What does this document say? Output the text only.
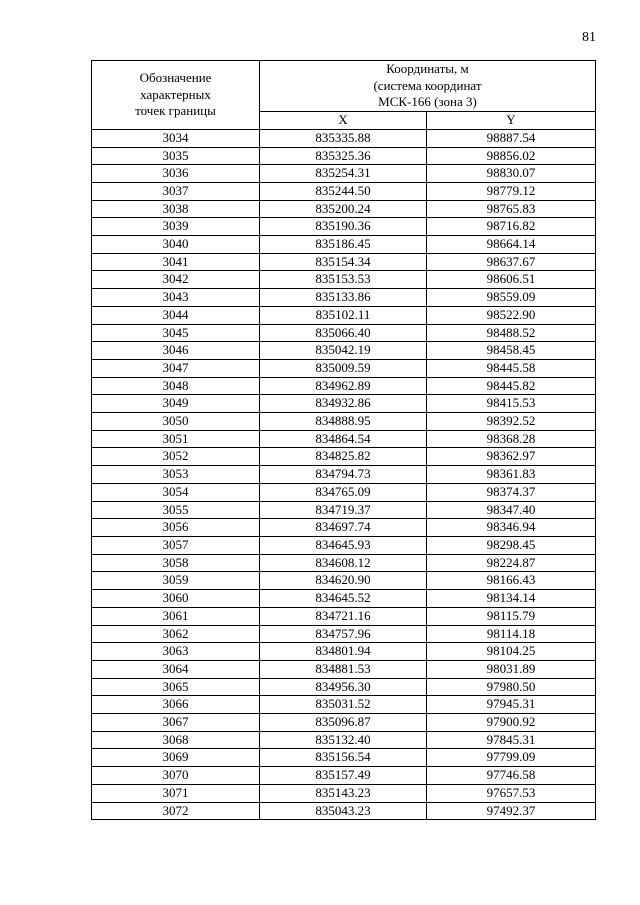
81
Обозначение
характерных
точек границы	Координаты, м
(система координат
МСК-166 (зона 3)	

	X	Y
3034	835335.88	98887.54
3035	835325.36	98856.02
3036	835254.31	98830.07
3037	835244.50	98779.12
3038	835200.24	98765.83
3039	835190.36	98716.82
3040	835186.45	98664.14
3041	835154.34	98637.67
3042	835153.53	98606.51
3043	835133.86	98559.09
3044	835102.11	98522.90
3045	835066.40	98488.52
3046	835042.19	98458.45
3047	835009.59	98445.58
3048	834962.89	98445.82
3049	834932.86	98415.53
3050	834888.95	98392.52
3051	834864.54	98368.28
3052	834825.82	98362.97
3053	834794.73	98361.83
3054	834765.09	98374.37
3055	834719.37	98347.40
3056	834697.74	98346.94
3057	834645.93	98298.45
3058	834608.12	98224.87
3059	834620.90	98166.43
3060	834645.52	98134.14
3061	834721.16	98115.79
3062	834757.96	98114.18
3063	834801.94	98104.25
3064	834881.53	98031.89
3065	834956.30	97980.50
3066	835031.52	97945.31
3067	835096.87	97900.92
3068	835132.40	97845.31
3069	835156.54	97799.09
3070	835157.49	97746.58
3071	835143.23	97657.53
3072	835043.23	97492.37
